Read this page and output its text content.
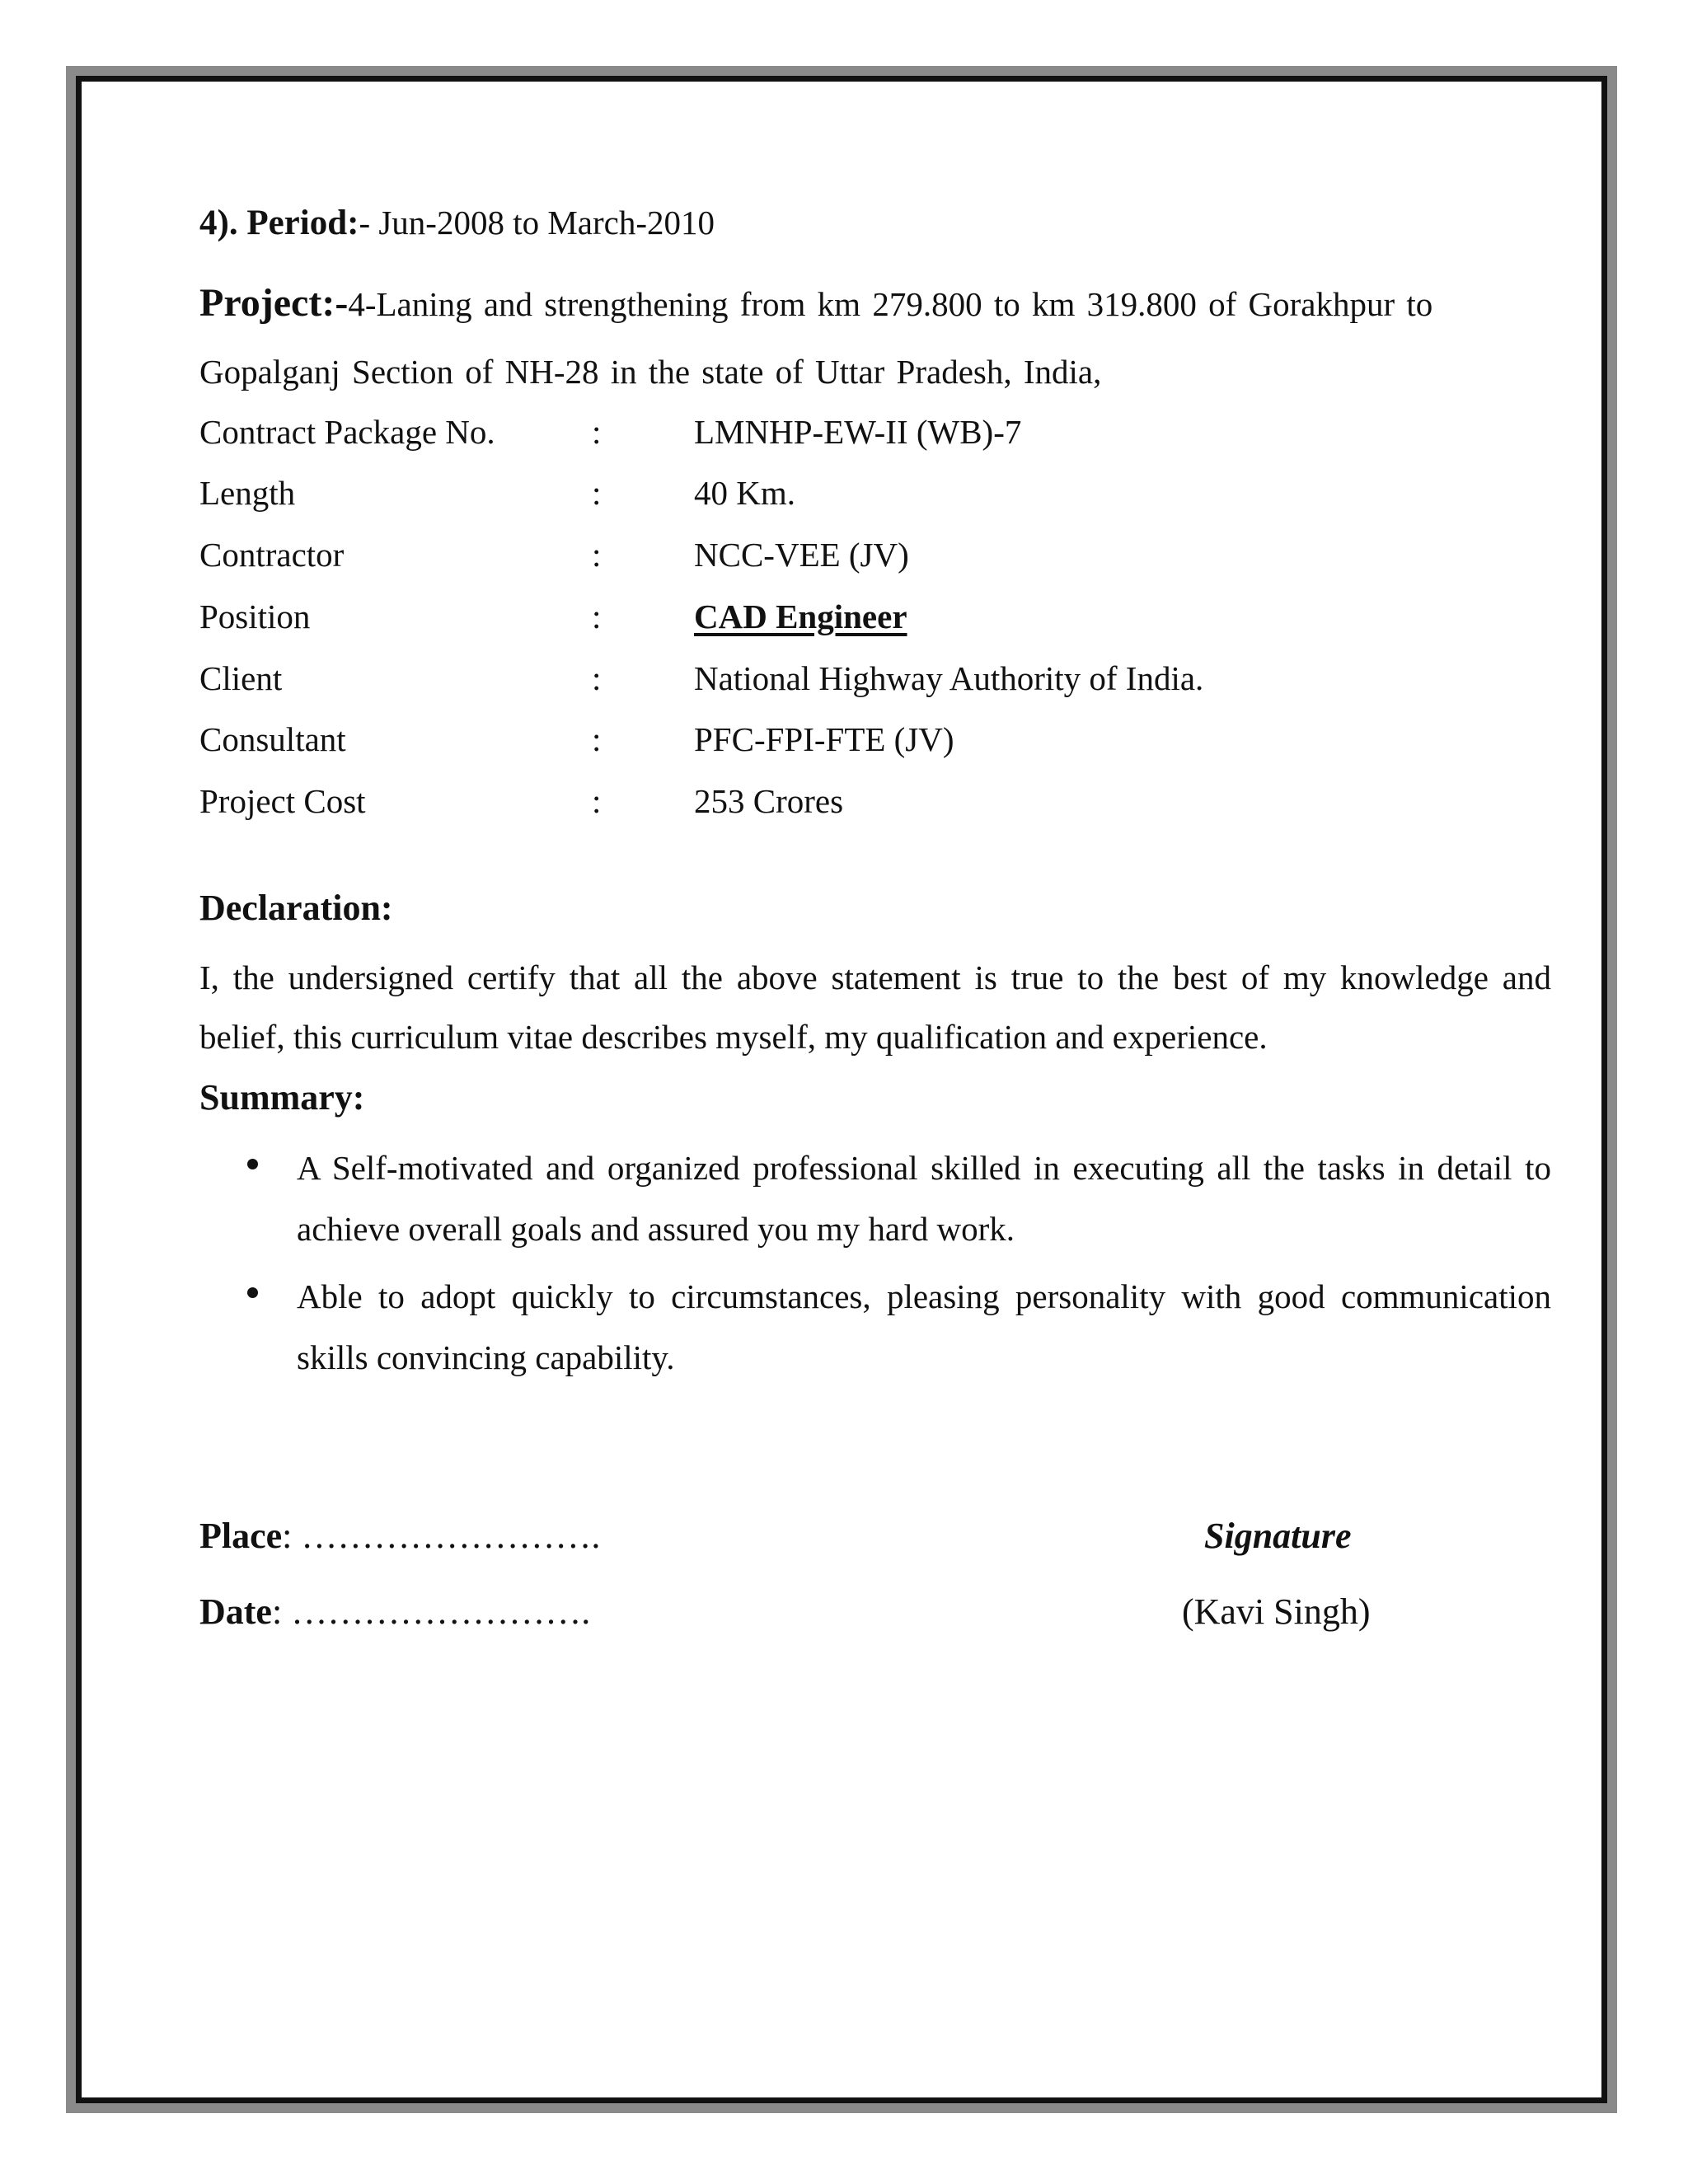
4). Period:- Jun-2008 to March-2010
Project:-4-Laning and strengthening from km 279.800 to km 319.800 of Gorakhpur to
Gopalganj Section of NH-28 in the state of Uttar Pradesh, India,
Contract Package No.	:	LMNHP-EW-II (WB)-7
Length	:	40 Km.
Contractor	:	NCC-VEE (JV)
Position	:	CAD Engineer
Client	:	National Highway Authority of India.
Consultant	:	PFC-FPI-FTE (JV)
Project Cost	:	253 Crores
Declaration:
I, the undersigned certify that all the above statement is true to the best of my knowledge and belief, this curriculum vitae describes myself, my qualification and experience.
Summary:
A Self-motivated and organized professional skilled in executing all the tasks in detail to achieve overall goals and assured you my hard work.
Able to adopt quickly to circumstances, pleasing personality with good communication skills convincing capability.
Place: …………………….	Signature
Date: …………………….	(Kavi Singh)
